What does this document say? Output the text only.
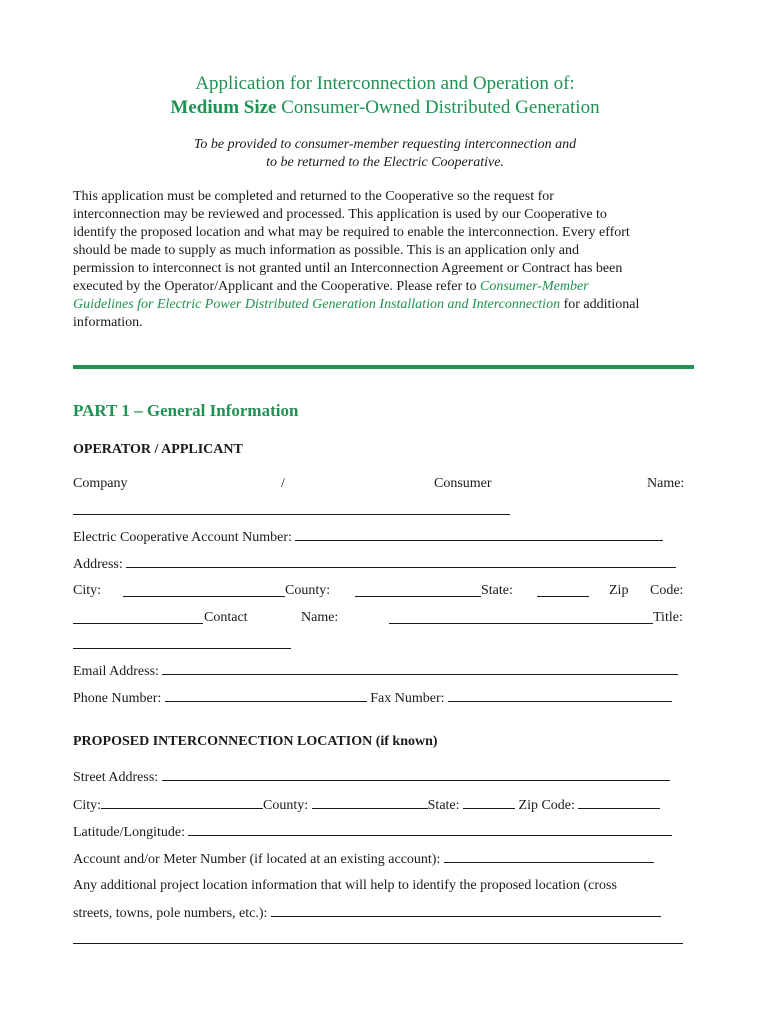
Application for Interconnection and Operation of:
Medium Size Consumer-Owned Distributed Generation
To be provided to consumer-member requesting interconnection and
to be returned to the Electric Cooperative.
This application must be completed and returned to the Cooperative so the request for
interconnection may be reviewed and processed. This application is used by our Cooperative to
identify the proposed location and what may be required to enable the interconnection. Every effort
should be made to supply as much information as possible. This is an application only and
permission to interconnect is not granted until an Interconnection Agreement or Contract has been
executed by the Operator/Applicant and the Cooperative. Please refer to Consumer-Member
Guidelines for Electric Power Distributed Generation Installation and Interconnection for additional
information.
PART 1 – General Information
OPERATOR / APPLICANT
Company	/	Consumer	Name:
Electric Cooperative Account Number:
Address:
City:	County:	State:	Zip Code:
Contact	Name:	Title:
Email Address:
Phone Number:	Fax Number:
PROPOSED INTERCONNECTION LOCATION (if known)
Street Address:
City:	County:	State:	Zip Code:
Latitude/Longitude:
Account and/or Meter Number (if located at an existing account):
Any additional project location information that will help to identify the proposed location (cross
streets, towns, pole numbers, etc.):
